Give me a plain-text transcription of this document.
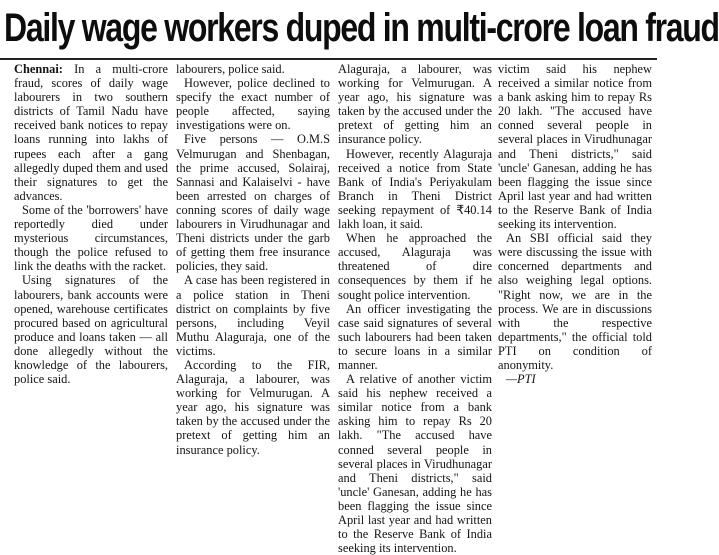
Daily wage workers duped in multi-crore loan fraud

Chennai: In a multi-crore fraud, scores of daily wage labourers in two southern districts of Tamil Nadu have received bank notices to repay loans running into lakhs of rupees each after a gang allegedly duped them and used their signatures to get the advances.

Some of the 'borrowers' have reportedly died under mysterious circumstances, though the police refused to link the deaths with the racket.

Using signatures of the labourers, bank accounts were opened, warehouse certificates procured based on agricultural produce and loans taken — all done allegedly without the knowledge of the labourers, police said.

labourers, police said.

However, police declined to specify the exact number of people affected, saying investigations were on.

Five persons — O.M.S Velmurugan and Shenbagan, the prime accused, Solairaj, Sannasi and Kalaiselvi - have been arrested on charges of conning scores of daily wage labourers in Virudhunagar and Theni districts under the garb of getting them free insurance policies, they said.

A case has been registered in a police station in Theni district on complaints by five persons, including Veyil Muthu Alaguraja, one of the victims.

According to the FIR, Alaguraja, a labourer, was working for Velmurugan. A year ago, his signature was taken by the accused under the pretext of getting him an insurance policy.

Alaguraja, a labourer, was working for Velmurugan. A year ago, his signature was taken by the accused under the pretext of getting him an insurance policy.

However, recently Alaguraja received a notice from State Bank of India's Periyakulam Branch in Theni District seeking repayment of ₹40.14 lakh loan, it said.

When he approached the accused, Alaguraja was threatened of dire consequences by them if he sought police intervention.

An officer investigating the case said signatures of several such labourers had been taken to secure loans in a similar manner.

A relative of another victim said his nephew received a similar notice from a bank asking him to repay Rs 20 lakh. "The accused have conned several people in several places in Virudhunagar and Theni districts," said 'uncle' Ganesan, adding he has been flagging the issue since April last year and had written to the Reserve Bank of India seeking its intervention.

victim said his nephew received a similar notice from a bank asking him to repay Rs 20 lakh. "The accused have conned several people in several places in Virudhunagar and Theni districts," said 'uncle' Ganesan, adding he has been flagging the issue since April last year and had written to the Reserve Bank of India seeking its intervention.

An SBI official said they were discussing the issue with concerned departments and also weighing legal options. "Right now, we are in the process. We are in discussions with the respective departments," the official told PTI on condition of anonymity.

—PTI
